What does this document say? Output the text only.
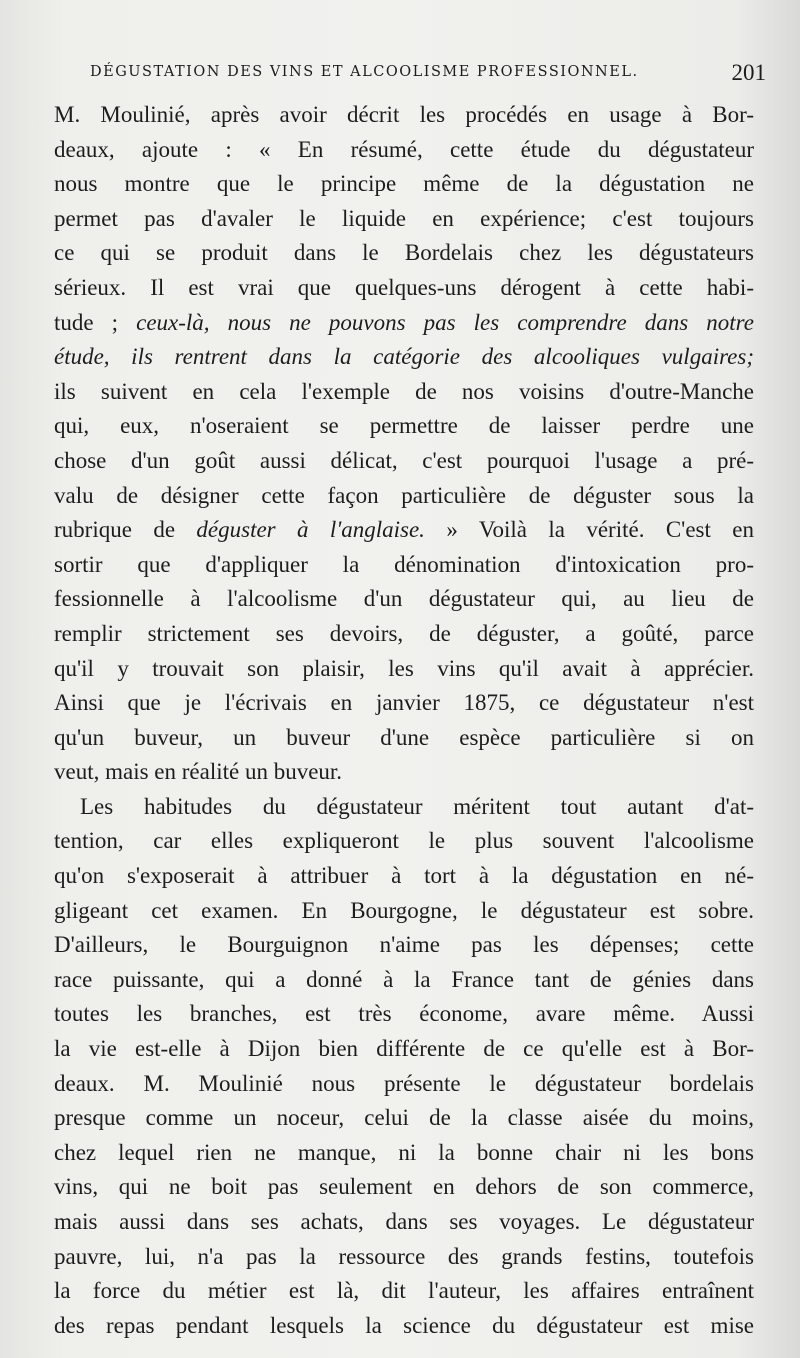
DÉGUSTATION DES VINS ET ALCOOLISME PROFESSIONNEL.	201
M. Moulinié, après avoir décrit les procédés en usage à Bor-
deaux, ajoute : « En résumé, cette étude du dégustateur
nous montre que le principe même de la dégustation ne
permet pas d'avaler le liquide en expérience; c'est toujours
ce qui se produit dans le Bordelais chez les dégustateurs
sérieux. Il est vrai que quelques-uns dérogent à cette habi-
tude ; ceux-là, nous ne pouvons pas les comprendre dans notre
étude, ils rentrent dans la catégorie des alcooliques vulgaires;
ils suivent en cela l'exemple de nos voisins d'outre-Manche
qui, eux, n'oseraient se permettre de laisser perdre une
chose d'un goût aussi délicat, c'est pourquoi l'usage a pré-
valu de désigner cette façon particulière de déguster sous la
rubrique de déguster à l'anglaise. » Voilà la vérité. C'est en
sortir que d'appliquer la dénomination d'intoxication pro-
fessionnelle à l'alcoolisme d'un dégustateur qui, au lieu de
remplir strictement ses devoirs, de déguster, a goûté, parce
qu'il y trouvait son plaisir, les vins qu'il avait à apprécier.
Ainsi que je l'écrivais en janvier 1875, ce dégustateur n'est
qu'un buveur, un buveur d'une espèce particulière si on
veut, mais en réalité un buveur.
Les habitudes du dégustateur méritent tout autant d'at-
tention, car elles expliqueront le plus souvent l'alcoolisme
qu'on s'exposerait à attribuer à tort à la dégustation en né-
gligeant cet examen. En Bourgogne, le dégustateur est sobre.
D'ailleurs, le Bourguignon n'aime pas les dépenses; cette
race puissante, qui a donné à la France tant de génies dans
toutes les branches, est très économe, avare même. Aussi
la vie est-elle à Dijon bien différente de ce qu'elle est à Bor-
deaux. M. Moulinié nous présente le dégustateur bordelais
presque comme un noceur, celui de la classe aisée du moins,
chez lequel rien ne manque, ni la bonne chair ni les bons
vins, qui ne boit pas seulement en dehors de son commerce,
mais aussi dans ses achats, dans ses voyages. Le dégustateur
pauvre, lui, n'a pas la ressource des grands festins, toutefois
la force du métier est là, dit l'auteur, les affaires entraînent
des repas pendant lesquels la science du dégustateur est mise
